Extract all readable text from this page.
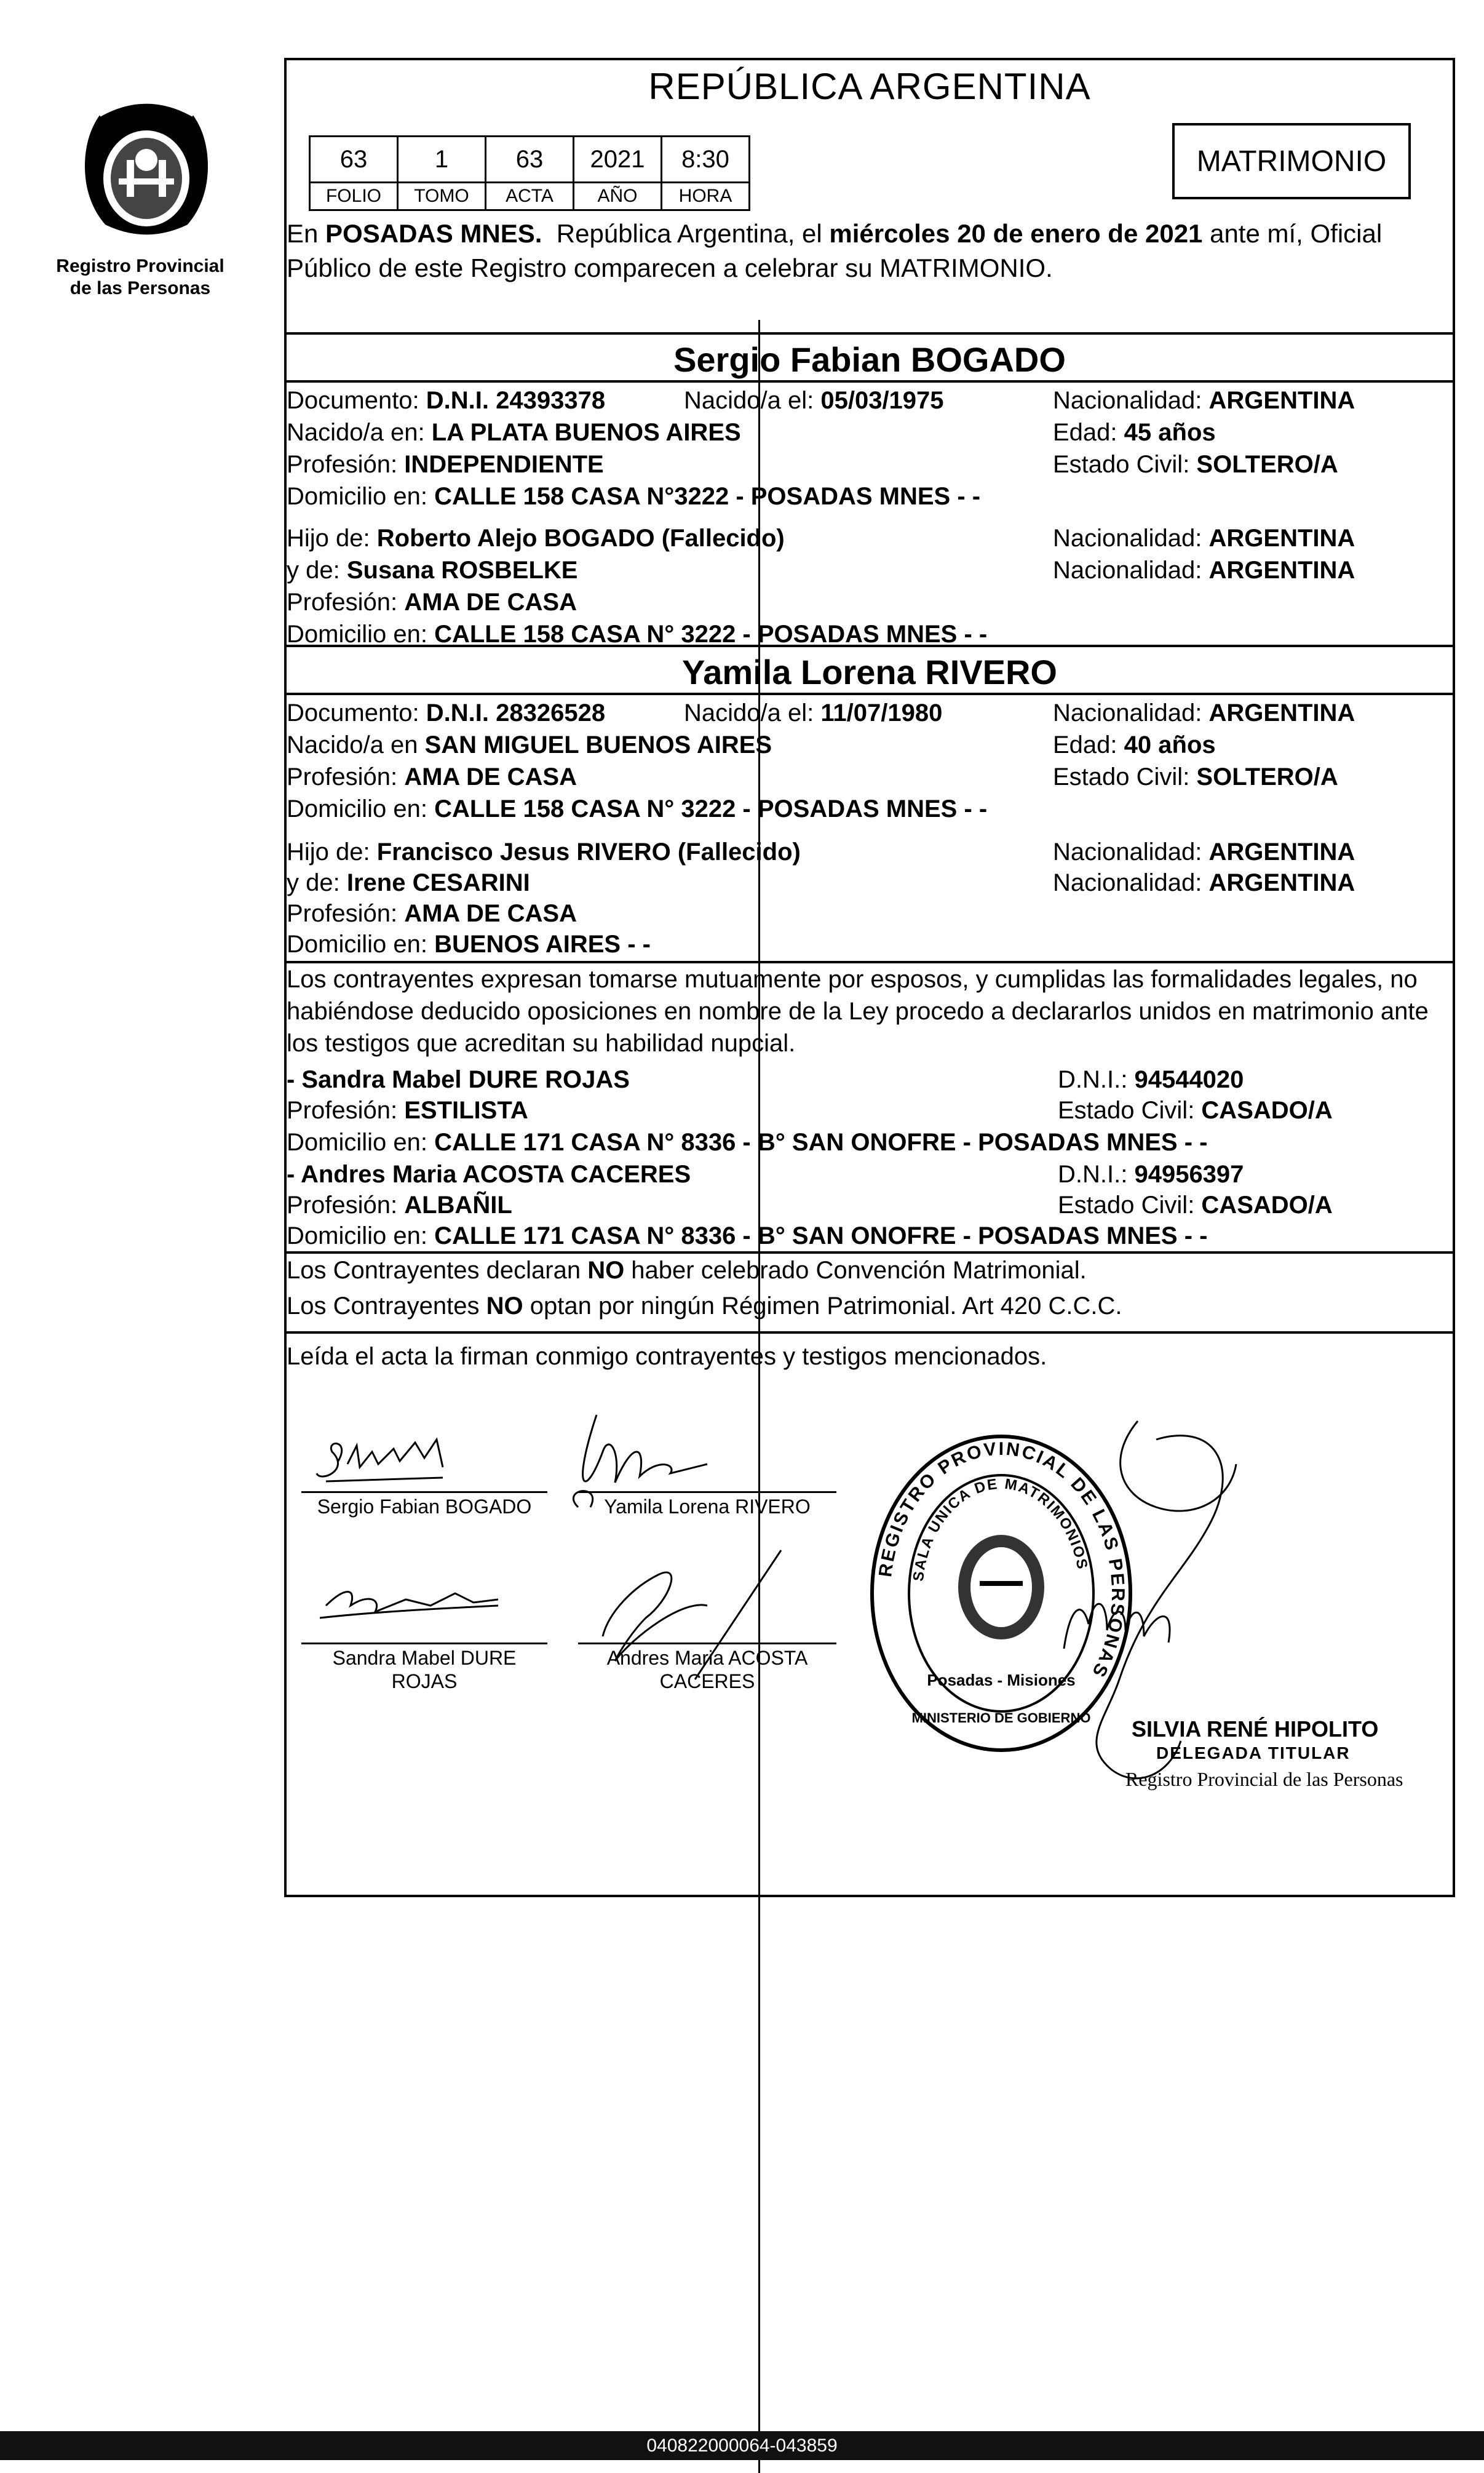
Registro Provincial
de las Personas
REPÚBLICA ARGENTINA
63	1	63	2021	8:30
FOLIO	TOMO	ACTA	AÑO	HORA
MATRIMONIO
En POSADAS MNES.  República Argentina, el miércoles 20 de enero de 2021 ante mí, Oficial
Público de este Registro comparecen a celebrar su MATRIMONIO.
Sergio Fabian BOGADO
Documento: D.N.I. 24393378	Nacido/a el: 05/03/1975	Nacionalidad: ARGENTINA
Nacido/a en: LA PLATA BUENOS AIRES	Edad: 45 años
Profesión: INDEPENDIENTE	Estado Civil: SOLTERO/A
Domicilio en: CALLE 158 CASA N°3222 - POSADAS MNES - -
Hijo de: Roberto Alejo BOGADO (Fallecido)	Nacionalidad: ARGENTINA
y de: Susana ROSBELKE	Nacionalidad: ARGENTINA
Profesión: AMA DE CASA
Domicilio en: CALLE 158 CASA N° 3222 - POSADAS MNES - -
Yamila Lorena RIVERO
Documento: D.N.I. 28326528	Nacido/a el: 11/07/1980	Nacionalidad: ARGENTINA
Nacido/a en SAN MIGUEL BUENOS AIRES	Edad: 40 años
Profesión: AMA DE CASA	Estado Civil: SOLTERO/A
Domicilio en: CALLE 158 CASA N° 3222 - POSADAS MNES - -
Hijo de: Francisco Jesus RIVERO (Fallecido)	Nacionalidad: ARGENTINA
y de: Irene CESARINI	Nacionalidad: ARGENTINA
Profesión: AMA DE CASA
Domicilio en: BUENOS AIRES - -
Los contrayentes expresan tomarse mutuamente por esposos, y cumplidas las formalidades legales, no
habiéndose deducido oposiciones en nombre de la Ley procedo a declararlos unidos en matrimonio ante
los testigos que acreditan su habilidad nupcial.
- Sandra Mabel DURE ROJAS	D.N.I.: 94544020
Profesión: ESTILISTA	Estado Civil: CASADO/A
Domicilio en: CALLE 171 CASA N° 8336 - B° SAN ONOFRE - POSADAS MNES - -
- Andres Maria ACOSTA CACERES	D.N.I.: 94956397
Profesión: ALBAÑIL	Estado Civil: CASADO/A
Domicilio en: CALLE 171 CASA N° 8336 - B° SAN ONOFRE - POSADAS MNES - -
Los Contrayentes declaran NO haber celebrado Convención Matrimonial.
Los Contrayentes NO optan por ningún Régimen Patrimonial. Art 420 C.C.C.
Leída el acta la firman conmigo contrayentes y testigos mencionados.
Sergio Fabian BOGADO	Yamila Lorena RIVERO
Sandra Mabel DURE
ROJAS
Andres Maria ACOSTA
CACERES
REGISTRO PROVINCIAL DE LAS PERSONAS
SALA UNICA DE MATRIMONIOS
Posadas - Misiones
MINISTERIO DE GOBIERNO SILVIA RENÉ HIPOLITO
DELEGADA TITULAR
Registro Provincial de las Personas
040822000064-043859
